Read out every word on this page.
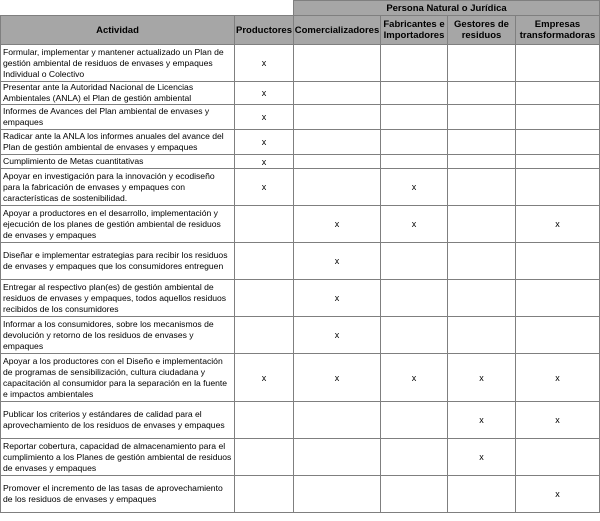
		Persona Natural o Jurídica			
Actividad	Productores	Comercializadores	Fabricantes e Importadores	Gestores de residuos	Empresas transformadoras
Formular, implementar y mantener actualizado un Plan de gestión ambiental de residuos de envases y empaques Individual o Colectivo	x				
Presentar ante la Autoridad Nacional de Licencias Ambientales (ANLA) el Plan de gestión ambiental	x				
Informes de Avances del Plan ambiental de envases y empaques	x				
Radicar ante la ANLA los informes anuales del avance del Plan de gestión ambiental de envases y empaques	x				
Cumplimiento de Metas cuantitativas	x				
Apoyar en investigación para la innovación y ecodiseño para la fabricación de envases y empaques con características de sostenibilidad.	x		x		
Apoyar a productores en el desarrollo, implementación y ejecución de los planes de gestión ambiental de residuos de envases y empaques		x	x		x
Diseñar e implementar estrategias para recibir los residuos de envases y empaques que los consumidores entreguen		x			
Entregar al respectivo plan(es) de gestión ambiental de residuos de envases y empaques, todos aquellos residuos recibidos de los consumidores		x			
Informar a los consumidores, sobre los mecanismos de devolución y retorno de los residuos de envases y empaques		x			
Apoyar a los productores con el Diseño e implementación de programas de sensibilización, cultura ciudadana y capacitación al consumidor para la separación en la fuente e impactos ambientales	x	x	x	x	x
Publicar los criterios y estándares de calidad para el aprovechamiento de los residuos de envases y empaques				x	x
Reportar cobertura, capacidad de almacenamiento para el cumplimiento a los Planes de gestión ambiental de residuos de envases y empaques				x	
Promover el incremento de las tasas de aprovechamiento de los residuos de envases y empaques					x
